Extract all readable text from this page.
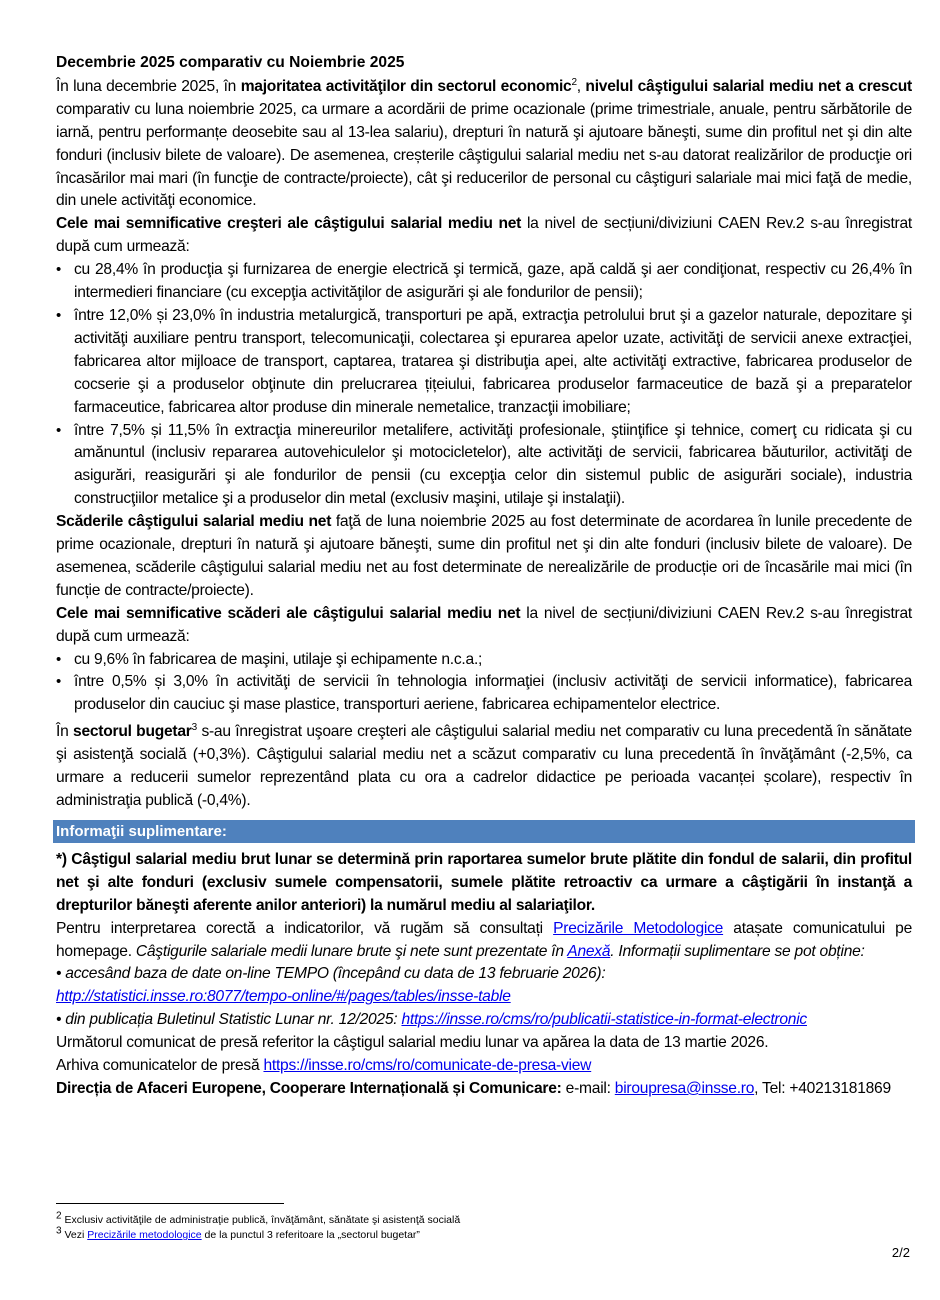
Decembrie 2025 comparativ cu Noiembrie 2025

În luna decembrie 2025, în majoritatea activităţilor din sectorul economic$^2$, nivelul câştigului salarial mediu net a crescut comparativ cu luna noiembrie 2025, ca urmare a acordării de prime ocazionale (prime trimestriale, anuale, pentru sărbătorile de iarnă, pentru performanțe deosebite sau al 13-lea salariu), drepturi în natură şi ajutoare băneşti, sume din profitul net şi din alte fonduri (inclusiv bilete de valoare). De asemenea, creșterile câştigului salarial mediu net s-au datorat realizărilor de producţie ori încasărilor mai mari (în funcţie de contracte/proiecte), cât şi reducerilor de personal cu câştiguri salariale mai mici faţă de medie, din unele activităţi economice.

Cele mai semnificative creşteri ale câştigului salarial mediu net la nivel de secțiuni/diviziuni CAEN Rev.2 s-au înregistrat după cum urmează:

• cu 28,4% în producţia şi furnizarea de energie electrică şi termică, gaze, apă caldă şi aer condiţionat, respectiv cu 26,4% în intermedieri financiare (cu excepţia activităţilor de asigurări şi ale fondurilor de pensii);
• între 12,0% și 23,0% în industria metalurgică, transporturi pe apă, extracţia petrolului brut şi a gazelor naturale, depozitare şi activităţi auxiliare pentru transport, telecomunicaţii, colectarea şi epurarea apelor uzate, activităţi de servicii anexe extracţiei, fabricarea altor mijloace de transport, captarea, tratarea şi distribuţia apei, alte activităţi extractive, fabricarea produselor de cocserie şi a produselor obţinute din prelucrarea țițeiului, fabricarea produselor farmaceutice de bază şi a preparatelor farmaceutice, fabricarea altor produse din minerale nemetalice, tranzacţii imobiliare;
• între 7,5% și 11,5% în extracţia minereurilor metalifere, activităţi profesionale, ştiinţifice şi tehnice, comerţ cu ridicata şi cu amănuntul (inclusiv repararea autovehiculelor şi motocicletelor), alte activităţi de servicii, fabricarea băuturilor, activităţi de asigurări, reasigurări şi ale fondurilor de pensii (cu excepţia celor din sistemul public de asigurări sociale), industria construcţiilor metalice şi a produselor din metal (exclusiv maşini, utilaje şi instalaţii).

Scăderile câştigului salarial mediu net faţă de luna noiembrie 2025 au fost determinate de acordarea în lunile precedente de prime ocazionale, drepturi în natură şi ajutoare băneşti, sume din profitul net şi din alte fonduri (inclusiv bilete de valoare). De asemenea, scăderile câştigului salarial mediu net au fost determinate de nerealizările de producție ori de încasările mai mici (în funcție de contracte/proiecte).

Cele mai semnificative scăderi ale câştigului salarial mediu net la nivel de secțiuni/diviziuni CAEN Rev.2 s-au înregistrat după cum urmează:

• cu 9,6% în fabricarea de maşini, utilaje şi echipamente n.c.a.;
• între 0,5% și 3,0% în activităţi de servicii în tehnologia informaţiei (inclusiv activităţi de servicii informatice), fabricarea produselor din cauciuc şi mase plastice, transporturi aeriene, fabricarea echipamentelor electrice.

În sectorul bugetar$^3$ s-au înregistrat uşoare creşteri ale câştigului salarial mediu net comparativ cu luna precedentă în sănătate şi asistenţă socială (+0,3%). Câştigului salarial mediu net a scăzut comparativ cu luna precedentă în învăţământ (-2,5%, ca urmare a reducerii sumelor reprezentând plata cu ora a cadrelor didactice pe perioada vacanței școlare), respectiv în administraţia publică (-0,4%).

Informaţii suplimentare:

*) Câştigul salarial mediu brut lunar se determină prin raportarea sumelor brute plătite din fondul de salarii, din profitul net şi alte fonduri (exclusiv sumele compensatorii, sumele plătite retroactiv ca urmare a câştigării în instanţă a drepturilor băneşti aferente anilor anteriori) la numărul mediu al salariaţilor.

Pentru interpretarea corectă a indicatorilor, vă rugăm să consultați Precizările Metodologice atașate comunicatului pe homepage. Câştigurile salariale medii lunare brute şi nete sunt prezentate în Anexă. Informații suplimentare se pot obține:

• accesând baza de date on-line TEMPO (începând cu data de 13 februarie 2026):

http://statistici.insse.ro:8077/tempo-online/#/pages/tables/insse-table

• din publicația Buletinul Statistic Lunar nr. 12/2025: https://insse.ro/cms/ro/publicatii-statistice-in-format-electronic

Următorul comunicat de presă referitor la câştigul salarial mediu lunar va apărea la data de 13 martie 2026.

Arhiva comunicatelor de presă https://insse.ro/cms/ro/comunicate-de-presa-view

Direcția de Afaceri Europene, Cooperare Internațională și Comunicare: e-mail: biroupresa@insse.ro, Tel: +40213181869

$^2$ Exclusiv activităţile de administraţie publică, învăţământ, sănătate şi asistenţă socială
$^3$ Vezi Precizările metodologice de la punctul 3 referitoare la „sectorul bugetar”
2/2
